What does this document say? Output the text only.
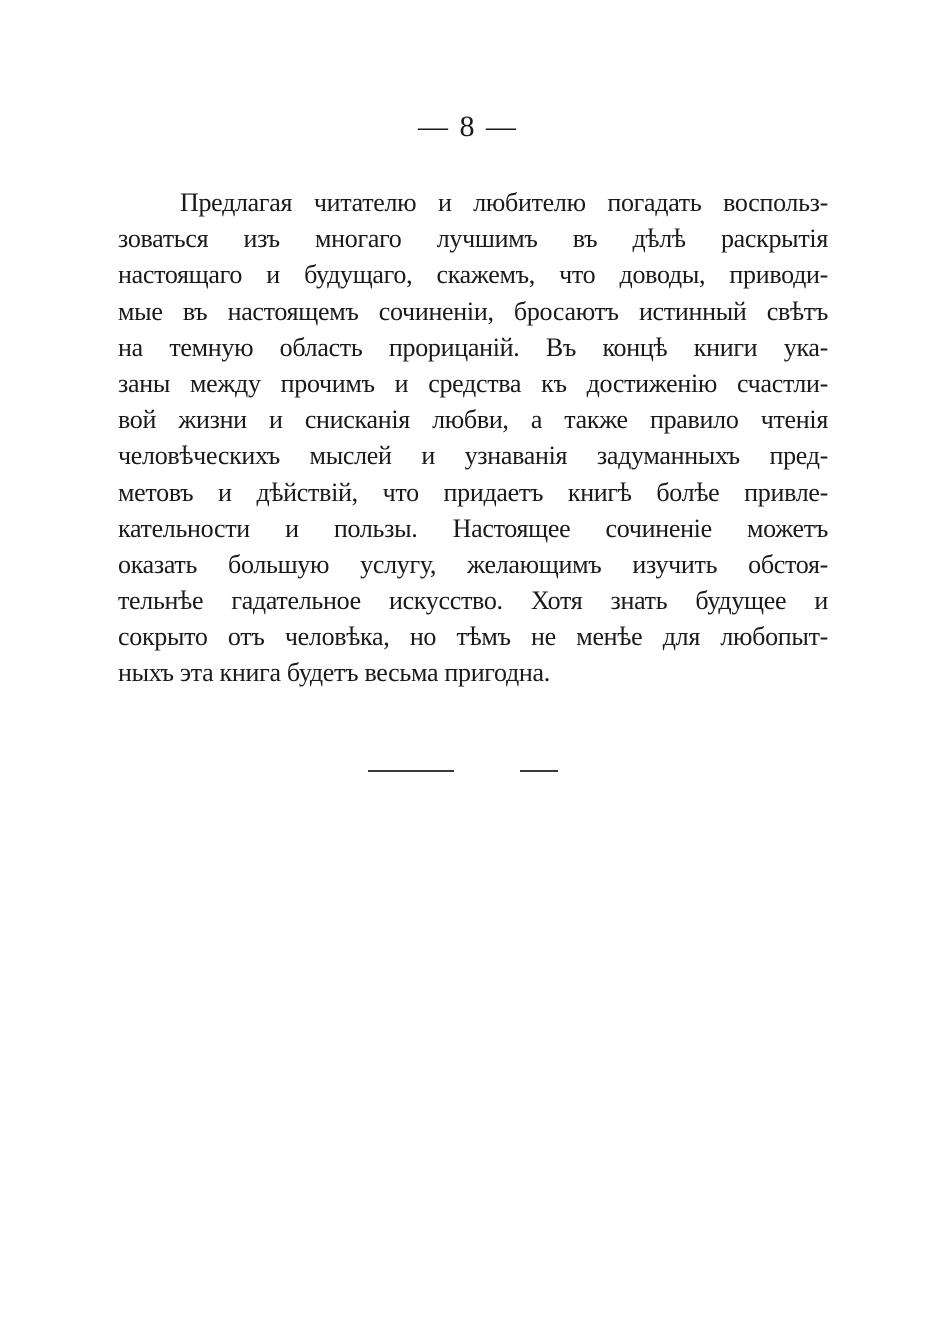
— 8 —
Предлагая читателю и любителю погадать воспольз-
зоваться изъ многаго лучшимъ въ дѣлѣ раскрытія
настоящаго и будущаго, скажемъ, что доводы, приводи-
мые въ настоящемъ сочиненіи, бросаютъ истинный свѣтъ
на темную область прорицаній. Въ концѣ книги ука-
заны между прочимъ и средства къ достиженію счастли-
вой жизни и снисканія любви, а также правило чтенія
человѣческихъ мыслей и узнаванія задуманныхъ пред-
метовъ и дѣйствій, что придаетъ книгѣ болѣе привле-
кательности и пользы. Настоящее сочиненіе можетъ
оказать большую услугу, желающимъ изучить обстоя-
тельнѣе гадательное искусство. Хотя знать будущее и
сокрыто отъ человѣка, но тѣмъ не менѣе для любопыт-
ныхъ эта книга будетъ весьма пригодна.
